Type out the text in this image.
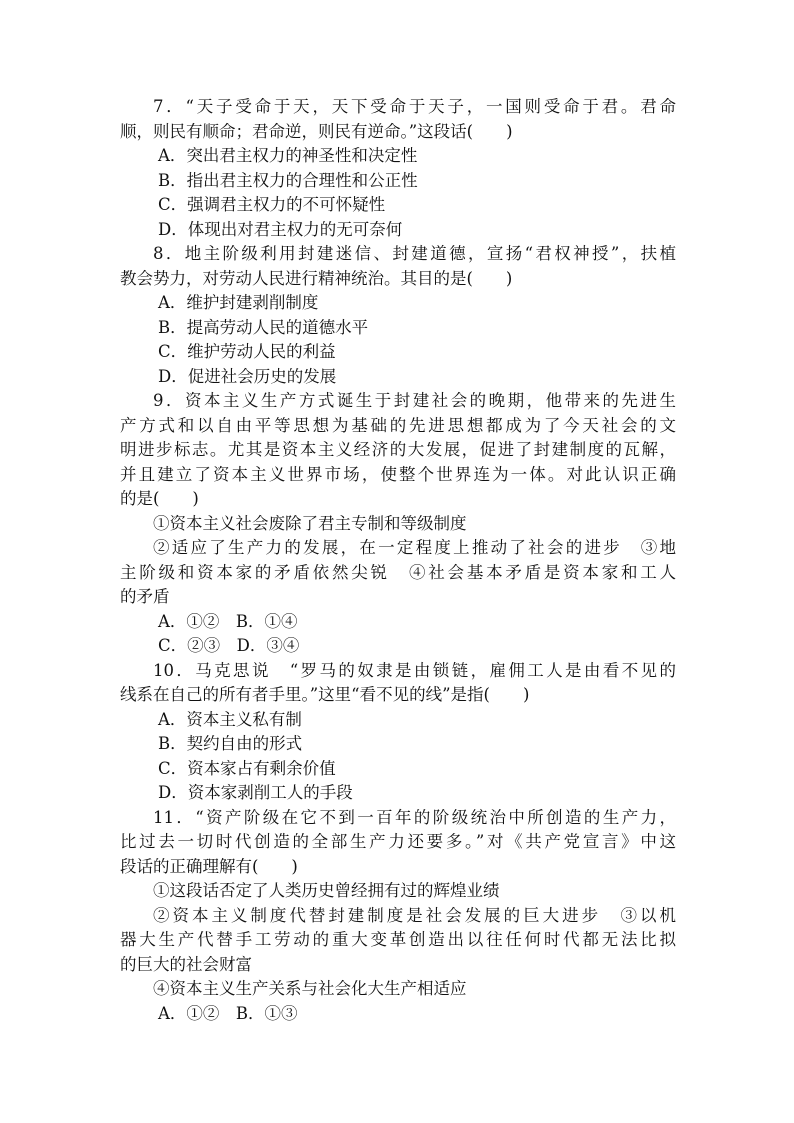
7．“天子受命于天，天下受命于天子，一国则受命于君。君命
顺，则民有顺命；君命逆，则民有逆命。”这段话(　　)
A．突出君主权力的神圣性和决定性
B．指出君主权力的合理性和公正性
C．强调君主权力的不可怀疑性
D．体现出对君主权力的无可奈何
8．地主阶级利用封建迷信、封建道德，宣扬“君权神授”，扶植
教会势力，对劳动人民进行精神统治。其目的是(　　)
A．维护封建剥削制度
B．提高劳动人民的道德水平
C．维护劳动人民的利益
D．促进社会历史的发展
9．资本主义生产方式诞生于封建社会的晚期，他带来的先进生
产方式和以自由平等思想为基础的先进思想都成为了今天社会的文
明进步标志。尤其是资本主义经济的大发展，促进了封建制度的瓦解，
并且建立了资本主义世界市场，使整个世界连为一体。对此认识正确
的是(　　)
①资本主义社会废除了君主专制和等级制度
②适应了生产力的发展，在一定程度上推动了社会的进步　③地
主阶级和资本家的矛盾依然尖锐　④社会基本矛盾是资本家和工人
的矛盾
A．①②　B．①④
C．②③　D．③④
10．马克思说　“罗马的奴隶是由锁链，雇佣工人是由看不见的
线系在自己的所有者手里。”这里“看不见的线”是指(　　)
A．资本主义私有制
B．契约自由的形式
C．资本家占有剩余价值
D．资本家剥削工人的手段
11．“资产阶级在它不到一百年的阶级统治中所创造的生产力，
比过去一切时代创造的全部生产力还要多。”对《共产党宣言》中这
段话的正确理解有(　　)
①这段话否定了人类历史曾经拥有过的辉煌业绩
②资本主义制度代替封建制度是社会发展的巨大进步　③以机
器大生产代替手工劳动的重大变革创造出以往任何时代都无法比拟
的巨大的社会财富
④资本主义生产关系与社会化大生产相适应
A．①②　B．①③
